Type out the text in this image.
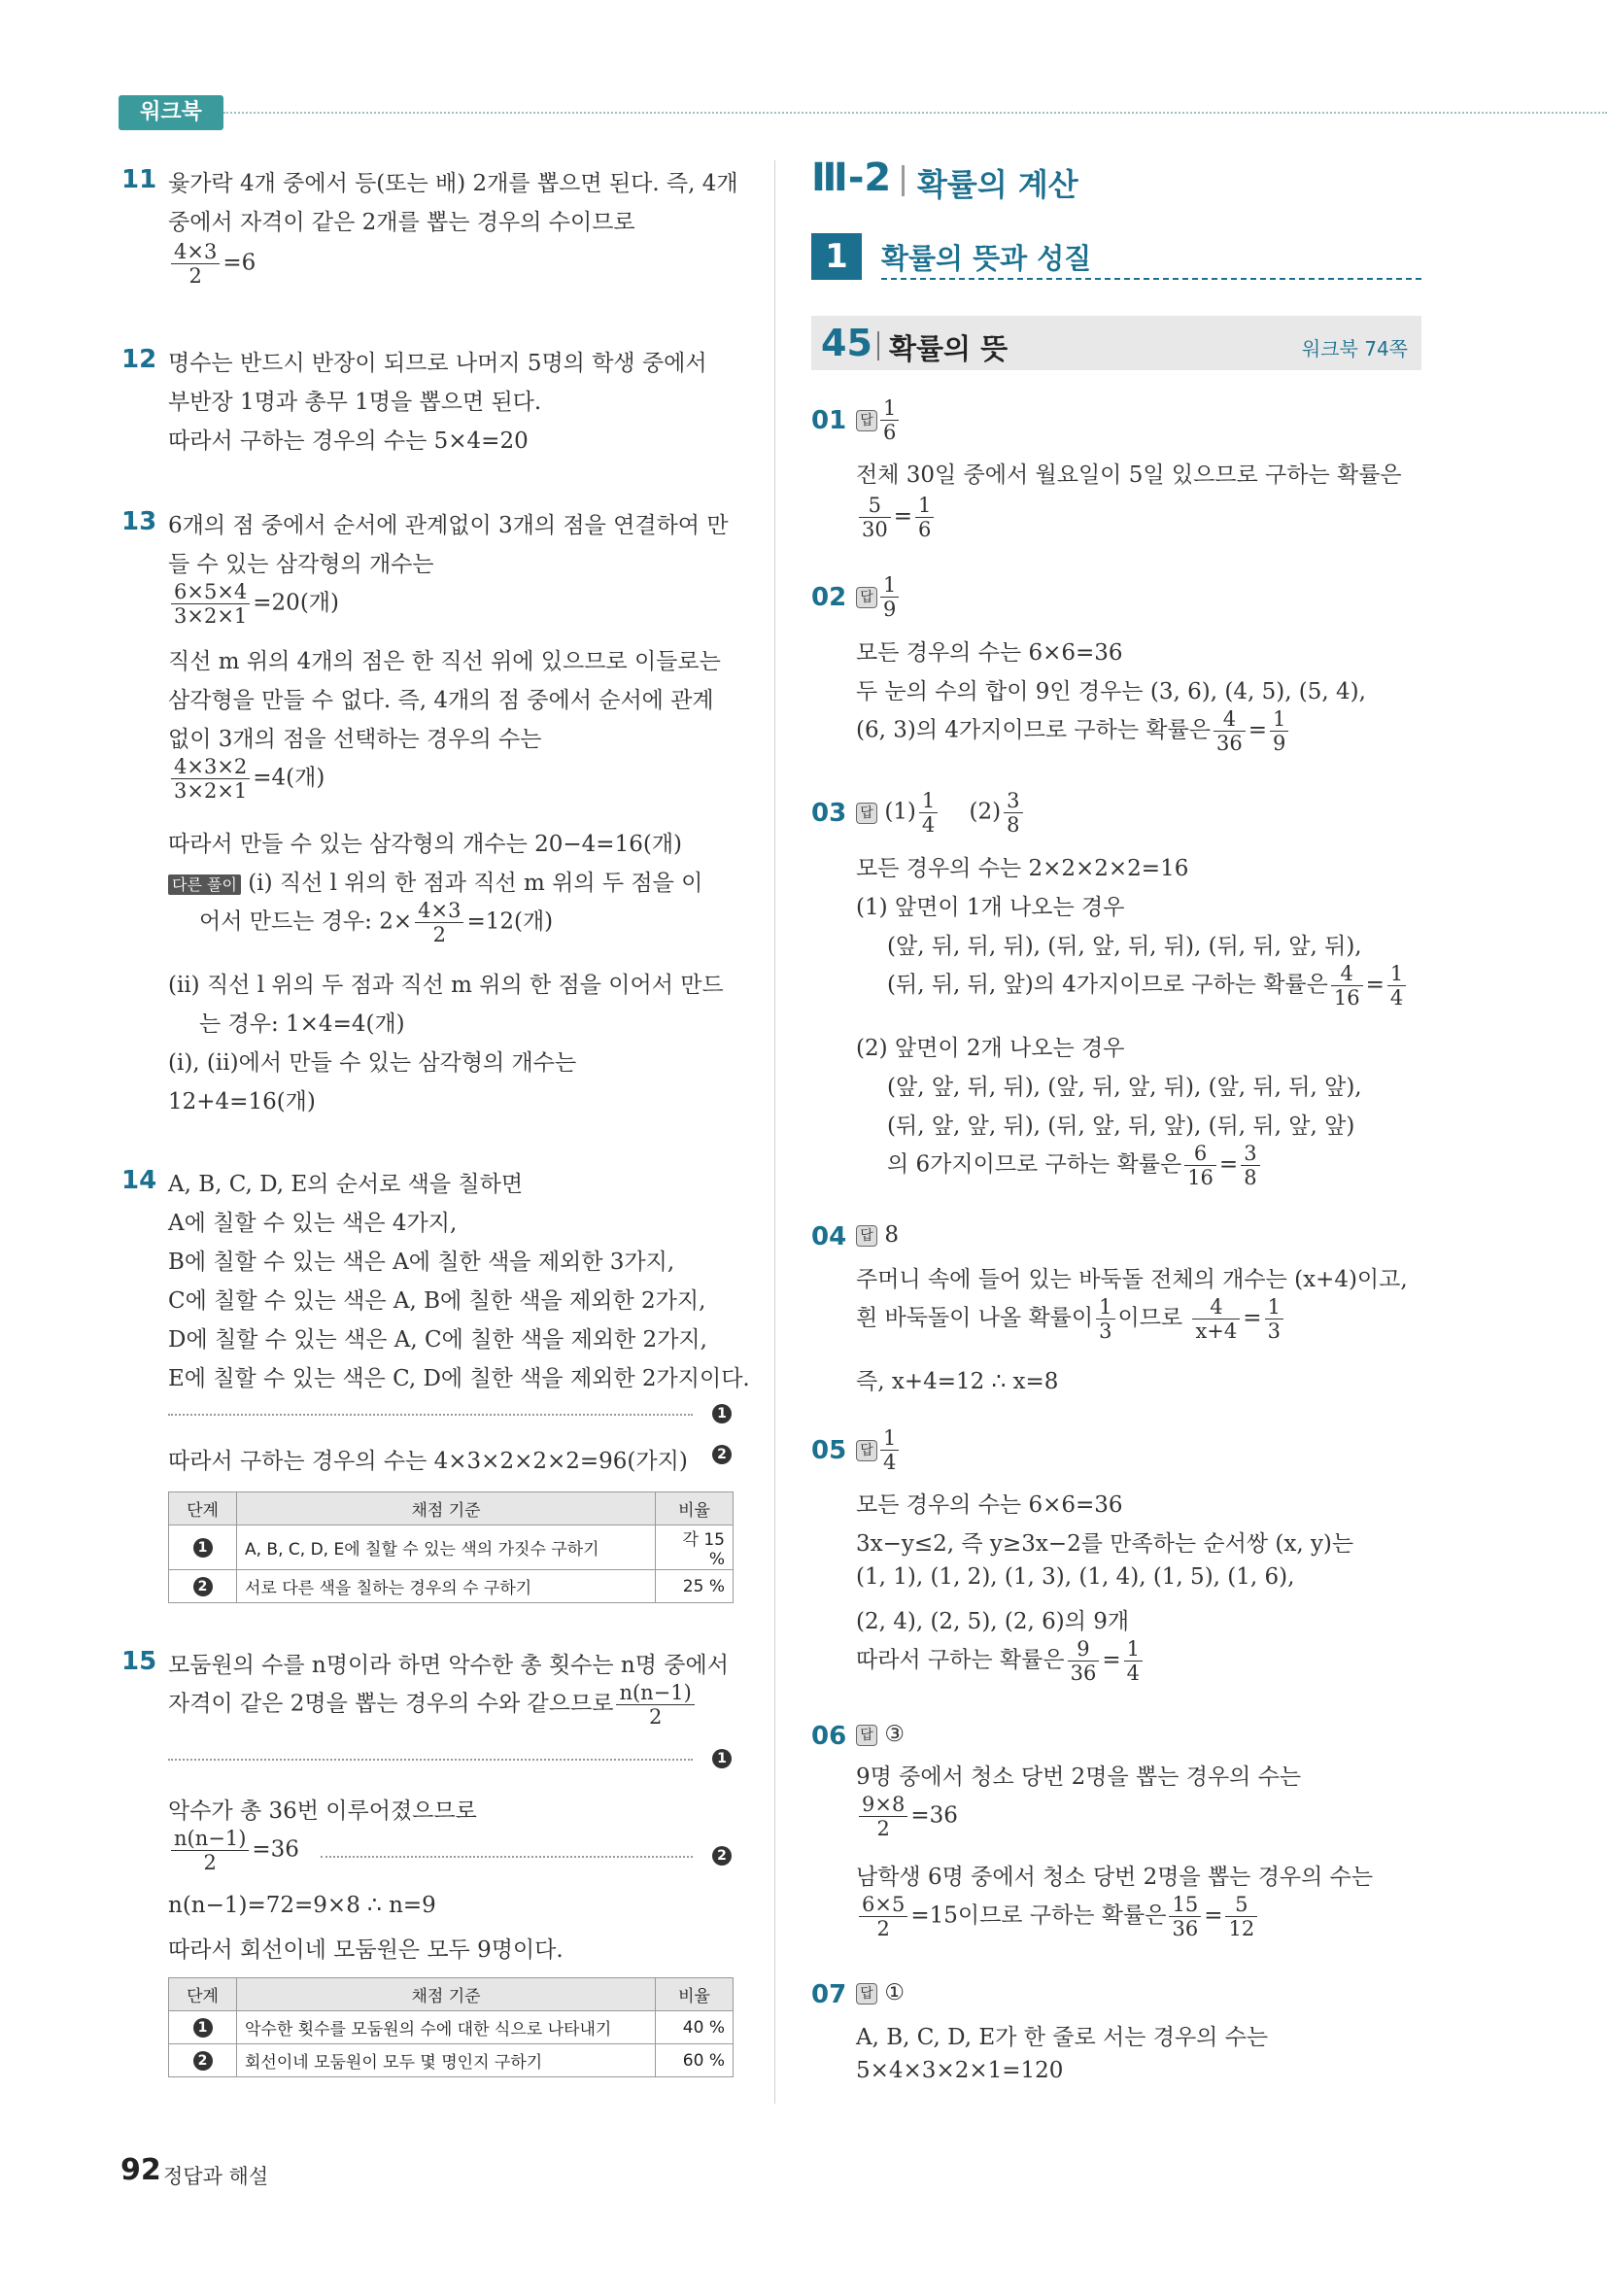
워크북
11 윷가락 4개 중에서 등(또는 배) 2개를 뽑으면 된다. 즉, 4개
중에서 자격이 같은 2개를 뽑는 경우의 수이므로
$\frac{4\times 3}{2} =6$
12 명수는 반드시 반장이 되므로 나머지 5명의 학생 중에서
부반장 1명과 총무 1명을 뽑으면 된다.
따라서 구하는 경우의 수는 5×4=20
13 6개의 점 중에서 순서에 관계없이 3개의 점을 연결하여 만
들 수 있는 삼각형의 개수는
$\frac{6\times 5\times 4}{3\times 2\times 1} =20$(개)
직선 m 위의 4개의 점은 한 직선 위에 있으므로 이들로는
삼각형을 만들 수 없다. 즉, 4개의 점 중에서 순서에 관계
없이 3개의 점을 선택하는 경우의 수는
$\frac{4\times 3\times 2}{3\times 2\times 1} =4$(개)
따라서 만들 수 있는 삼각형의 개수는 20−4=16(개)
다른 풀이 (i) 직선 l 위의 한 점과 직선 m 위의 두 점을 이
어서 만드는 경우: $2\times \frac{4\times 3}{2} =12$(개)
(ii) 직선 l 위의 두 점과 직선 m 위의 한 점을 이어서 만드
는 경우: 1×4=4(개)
(i), (ii)에서 만들 수 있는 삼각형의 개수는
12+4=16(개)
14 A, B, C, D, E의 순서로 색을 칠하면
A에 칠할 수 있는 색은 4가지,
B에 칠할 수 있는 색은 A에 칠한 색을 제외한 3가지,
C에 칠할 수 있는 색은 A, B에 칠한 색을 제외한 2가지,
D에 칠할 수 있는 색은 A, C에 칠한 색을 제외한 2가지,
E에 칠할 수 있는 색은 C, D에 칠한 색을 제외한 2가지이다.
1
따라서 구하는 경우의 수는 4×3×2×2×2=96(가지)	2
단계	채점 기준	비율
1	A, B, C, D, E에 칠할 수 있는 색의 가짓수 구하기	각 15 %
2	서로 다른 색을 칠하는 경우의 수 구하기	25 %
15 모둠원의 수를 n명이라 하면 악수한 총 횟수는 n명 중에서
자격이 같은 2명을 뽑는 경우의 수와 같으므로 $\frac{n(n-1)}{2}$
1
악수가 총 36번 이루어졌으므로
$\frac{n(n-1)}{2} =36$	2
n(n−1)=72=9×8 ∴ n=9
따라서 회선이네 모둠원은 모두 9명이다.
단계	채점 기준	비율
1	악수한 횟수를 모둠원의 수에 대한 식으로 나타내기	40 %
2	회선이네 모둠원이 모두 몇 명인지 구하기	60 %
Ⅲ-2 확률의 계산
1	확률의 뜻과 성질
45 확률의 뜻	워크북 74쪽
01	답 $\frac{1}{6}$
전체 30일 중에서 월요일이 5일 있으므로 구하는 확률은
$\frac{5}{30} = \frac{1}{6}$
02	답 $\frac{1}{9}$
모든 경우의 수는 6×6=36
두 눈의 수의 합이 9인 경우는 (3, 6), (4, 5), (5, 4),
(6, 3)의 4가지이므로 구하는 확률은 $\frac{4}{36} = \frac{1}{9}$
03	답 $(1) \frac{1}{4} (2) \frac{3}{8}$
모든 경우의 수는 2×2×2×2=16
(1) 앞면이 1개 나오는 경우
(앞, 뒤, 뒤, 뒤), (뒤, 앞, 뒤, 뒤), (뒤, 뒤, 앞, 뒤),
(뒤, 뒤, 뒤, 앞)의 4가지이므로 구하는 확률은 $\frac{4}{16} = \frac{1}{4}$
(2) 앞면이 2개 나오는 경우
(앞, 앞, 뒤, 뒤), (앞, 뒤, 앞, 뒤), (앞, 뒤, 뒤, 앞),
(뒤, 앞, 앞, 뒤), (뒤, 앞, 뒤, 앞), (뒤, 뒤, 앞, 앞)
의 6가지이므로 구하는 확률은 $\frac{6}{16} = \frac{3}{8}$
04	답 8
주머니 속에 들어 있는 바둑돌 전체의 개수는 (x+4)이고,
흰 바둑돌이 나올 확률이 $\frac{1}{3}$ 이므로 $\frac{4}{x+4} = \frac{1}{3}$
즉, x+4=12 ∴ x=8
05	답 $\frac{1}{4}$
모든 경우의 수는 6×6=36
3x−y≤2, 즉 y≥3x−2를 만족하는 순서쌍 (x, y)는
(1, 1), (1, 2), (1, 3), (1, 4), (1, 5), (1, 6),
(2, 4), (2, 5), (2, 6)의 9개
따라서 구하는 확률은 $\frac{9}{36} = \frac{1}{4}$
06	답 ③
9명 중에서 청소 당번 2명을 뽑는 경우의 수는
$\frac{9\times 8}{2} =36$
남학생 6명 중에서 청소 당번 2명을 뽑는 경우의 수는
$\frac{6\times 5}{2} =15$이므로 구하는 확률은 $\frac{15}{36} = \frac{5}{12}$
07	답 ①
A, B, C, D, E가 한 줄로 서는 경우의 수는
5×4×3×2×1=120
92 정답과 해설
